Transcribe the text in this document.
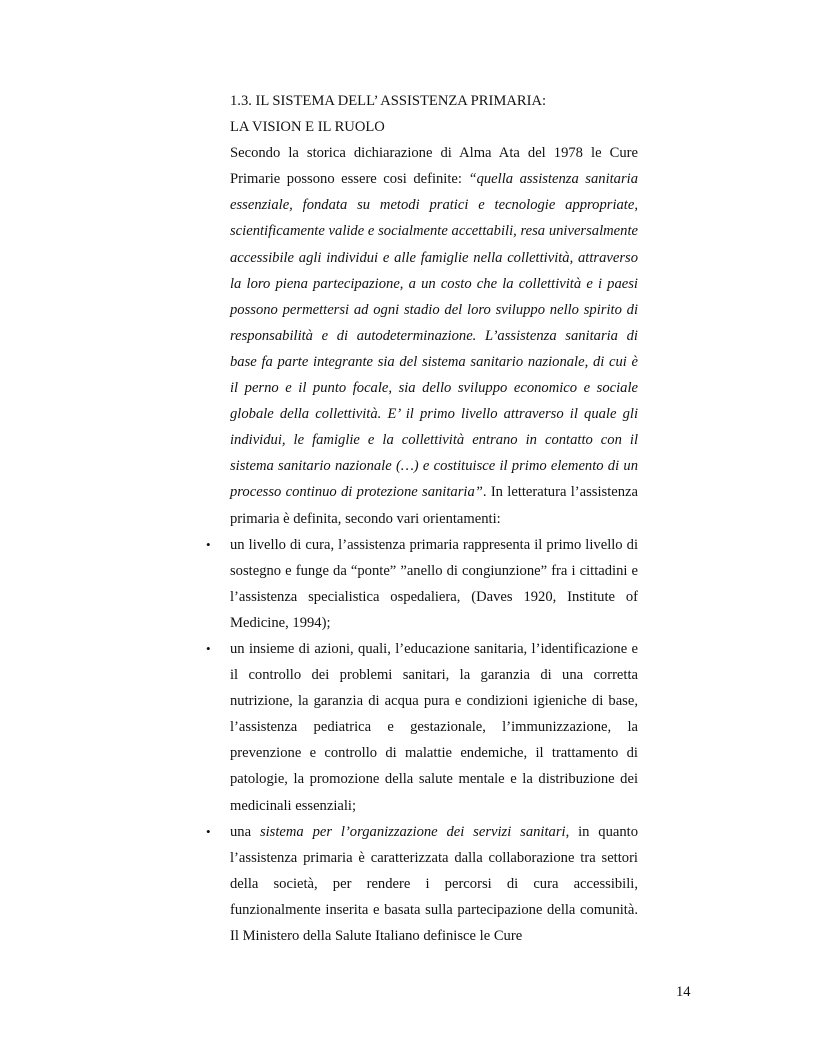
1.3. IL SISTEMA DELL’ ASSISTENZA PRIMARIA:
LA VISION E IL RUOLO

Secondo la storica dichiarazione di Alma Ata del 1978 le Cure Primarie possono essere cosi definite: “quella assistenza sanitaria essenziale, fondata su metodi pratici e tecnologie appropriate, scientificamente valide e socialmente accettabili, resa universalmente accessibile agli individui e alle famiglie nella collettività, attraverso la loro piena partecipazione, a un costo che la collettività e i paesi possono permettersi ad ogni stadio del loro sviluppo nello spirito di responsabilità e di autodeterminazione. L’assistenza sanitaria di base fa parte integrante sia del sistema sanitario nazionale, di cui è il perno e il punto focale, sia dello sviluppo economico e sociale globale della collettività. E’ il primo livello attraverso il quale gli individui, le famiglie e la collettività entrano in contatto con il sistema sanitario nazionale (…) e costituisce il primo elemento di un processo continuo di protezione sanitaria”. In letteratura l’assistenza primaria è definita, secondo vari orientamenti:

• un livello di cura, l’assistenza primaria rappresenta il primo livello di sostegno e funge da “ponte” ”anello di congiunzione” fra i cittadini e l’assistenza specialistica ospedaliera, (Daves 1920, Institute of Medicine, 1994);
• un insieme di azioni, quali, l’educazione sanitaria, l’identificazione e il controllo dei problemi sanitari, la garanzia di una corretta nutrizione, la garanzia di acqua pura e condizioni igieniche di base, l’assistenza pediatrica e gestazionale, l’immunizzazione, la prevenzione e controllo di malattie endemiche, il trattamento di patologie, la promozione della salute mentale e la distribuzione dei medicinali essenziali;
• una sistema per l’organizzazione dei servizi sanitari, in quanto l’assistenza primaria è caratterizzata dalla collaborazione tra settori della società, per rendere i percorsi di cura accessibili, funzionalmente inserita e basata sulla partecipazione della comunità. Il Ministero della Salute Italiano definisce le Cure
14
